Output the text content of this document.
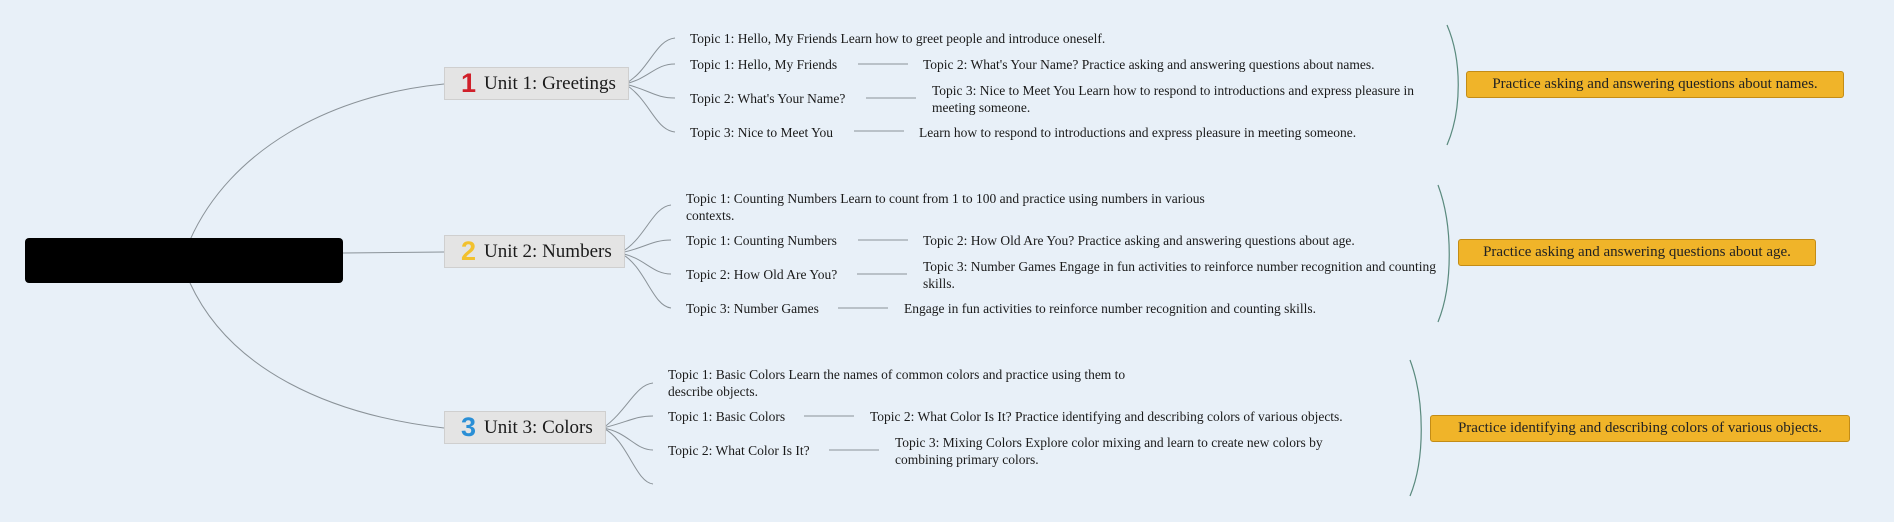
1 Unit 1: Greetings
Topic 1: Hello, My Friends Learn how to greet people and introduce oneself.
Topic 1: Hello, My Friends
Topic 2: What's Your Name?
Topic 3: Nice to Meet You
Topic 2: What's Your Name? Practice asking and answering questions about names.
Topic 3: Nice to Meet You Learn how to respond to introductions and express pleasure in meeting someone.
Learn how to respond to introductions and express pleasure in meeting someone.
Practice asking and answering questions about names.
2 Unit 2: Numbers
Topic 1: Counting Numbers Learn to count from 1 to 100 and practice using numbers in various contexts.
Topic 1: Counting Numbers
Topic 2: How Old Are You?
Topic 3: Number Games
Topic 2: How Old Are You? Practice asking and answering questions about age.
Topic 3: Number Games Engage in fun activities to reinforce number recognition and counting skills.
Engage in fun activities to reinforce number recognition and counting skills.
Practice asking and answering questions about age.
3 Unit 3: Colors
Topic 1: Basic Colors Learn the names of common colors and practice using them to describe objects.
Topic 1: Basic Colors
Topic 2: What Color Is It?
Topic 2: What Color Is It? Practice identifying and describing colors of various objects.
Topic 3: Mixing Colors Explore color mixing and learn to create new colors by combining primary colors.
Practice identifying and describing colors of various objects.
